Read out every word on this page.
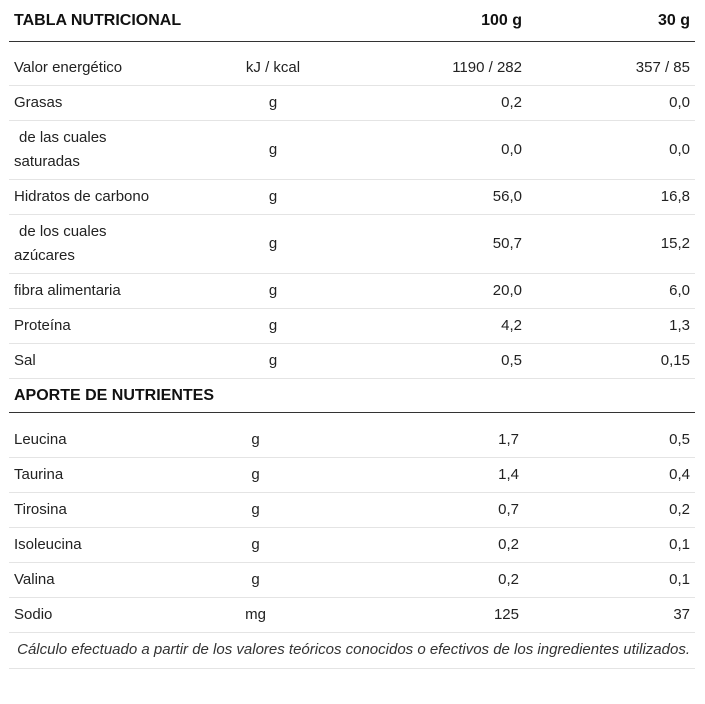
TABLA NUTRICIONAL		100 g	30 g

Valor energético	kJ / kcal	1190 / 282	357 / 85
Grasas	g	0,2	0,0
de las cuales saturadas	g	0,0	0,0
Hidratos de carbono	g	56,0	16,8
de los cuales azúcares	g	50,7	15,2
fibra alimentaria	g	20,0	6,0
Proteína	g	4,2	1,3
Sal	g	0,5	0,15
APORTE DE NUTRIENTES			

Leucina	g	1,7	0,5
Taurina	g	1,4	0,4
Tirosina	g	0,7	0,2
Isoleucina	g	0,2	0,1
Valina	g	0,2	0,1
Sodio	mg	125	37
Cálculo efectuado a partir de los valores teóricos conocidos o efectivos de los ingredientes utilizados.
